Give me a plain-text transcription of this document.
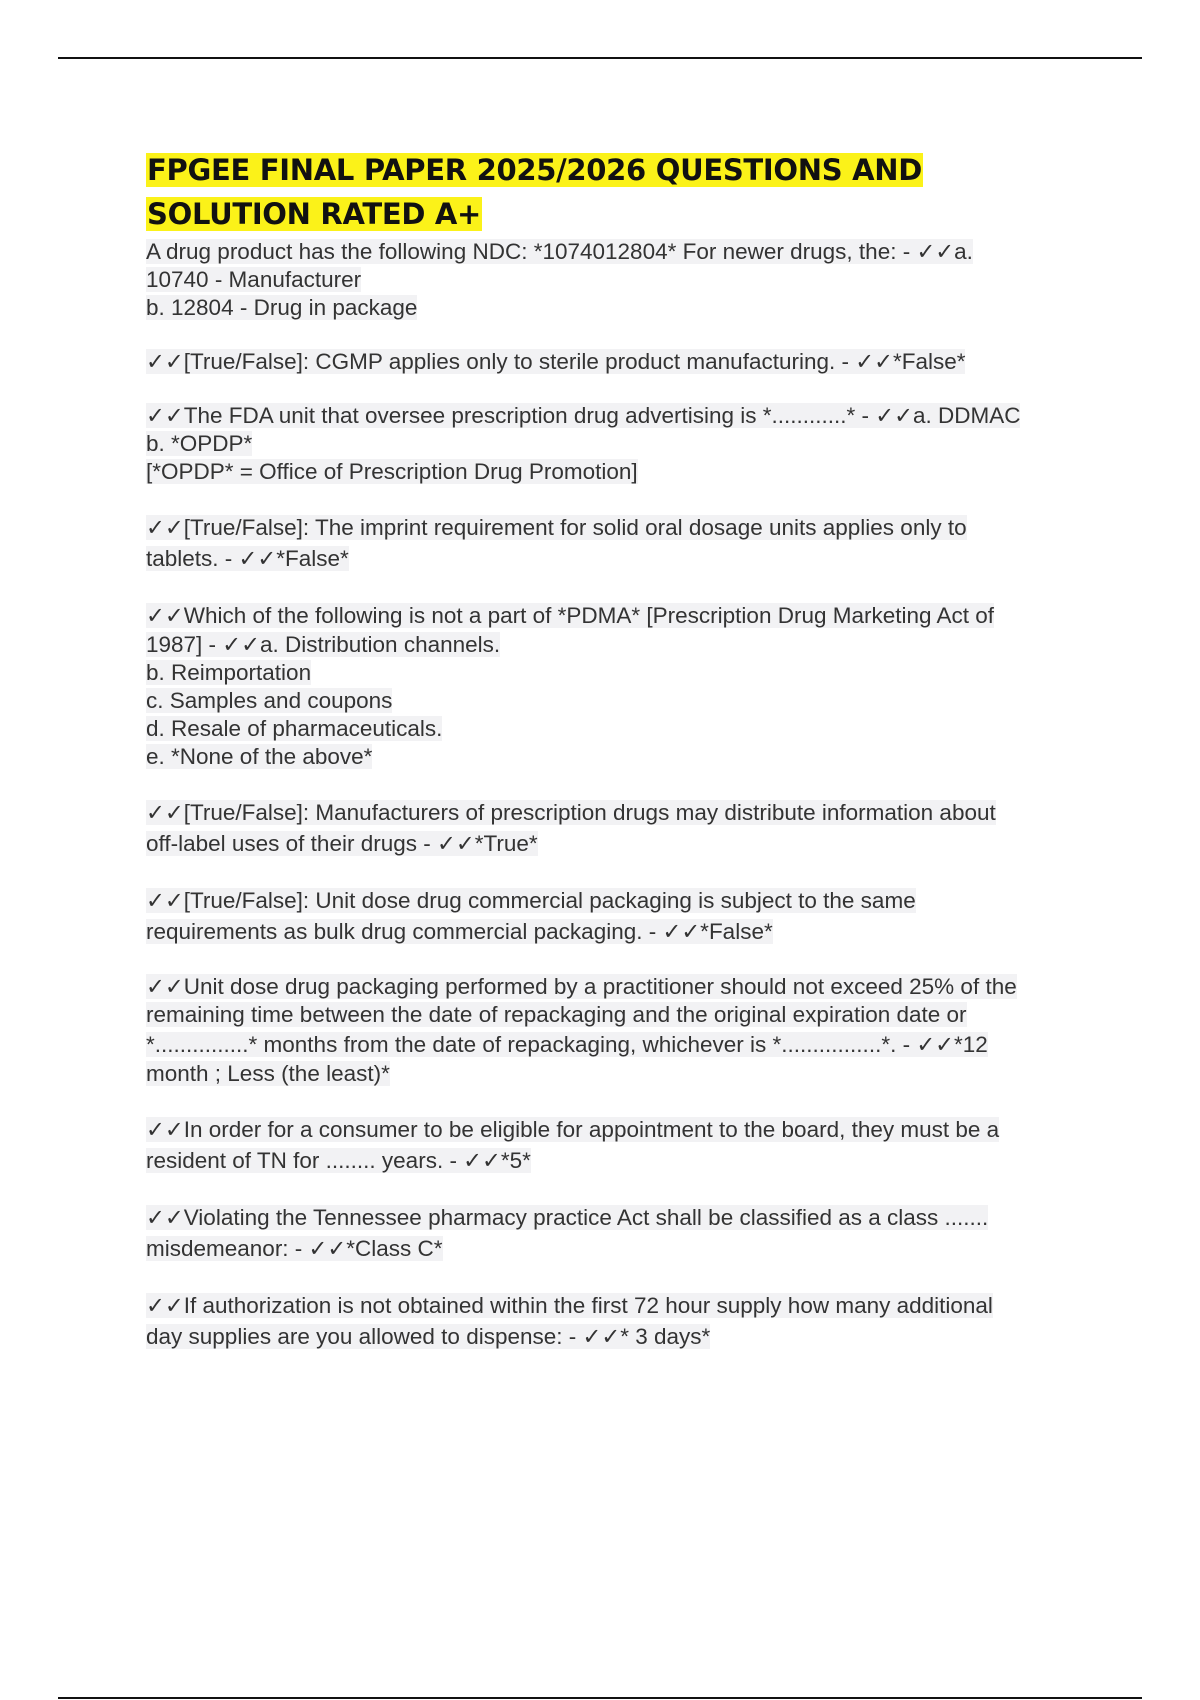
FPGEE FINAL PAPER 2025/2026 QUESTIONS AND
SOLUTION RATED A+
A drug product has the following NDC: *1074012804* For newer drugs, the: - ✓✓a.
10740 - Manufacturer
b. 12804 - Drug in package
✓✓[True/False]: CGMP applies only to sterile product manufacturing. - ✓✓*False*
✓✓The FDA unit that oversee prescription drug advertising is *............* - ✓✓a. DDMAC
b. *OPDP*
[*OPDP* = Office of Prescription Drug Promotion]
✓✓[True/False]: The imprint requirement for solid oral dosage units applies only to
tablets. - ✓✓*False*
✓✓Which of the following is not a part of *PDMA* [Prescription Drug Marketing Act of
1987] - ✓✓a. Distribution channels.
b. Reimportation
c. Samples and coupons
d. Resale of pharmaceuticals.
e. *None of the above*
✓✓[True/False]: Manufacturers of prescription drugs may distribute information about
off-label uses of their drugs - ✓✓*True*
✓✓[True/False]: Unit dose drug commercial packaging is subject to the same
requirements as bulk drug commercial packaging. - ✓✓*False*
✓✓Unit dose drug packaging performed by a practitioner should not exceed 25% of the
remaining time between the date of repackaging and the original expiration date or
*...............* months from the date of repackaging, whichever is *................*. - ✓✓*12
month ; Less (the least)*
✓✓In order for a consumer to be eligible for appointment to the board, they must be a
resident of TN for ........ years. - ✓✓*5*
✓✓Violating the Tennessee pharmacy practice Act shall be classified as a class .......
misdemeanor: - ✓✓*Class C*
✓✓If authorization is not obtained within the first 72 hour supply how many additional
day supplies are you allowed to dispense: - ✓✓* 3 days*
